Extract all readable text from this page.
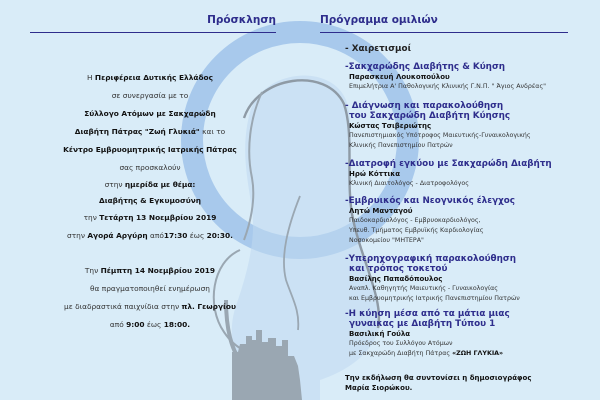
Πρόσκληση
Η Περιφέρεια Δυτικής Ελλάδος
σε συνεργασία με το
Σύλλογο Ατόμων με Σακχαρώδη
Διαβήτη Πάτρας "Ζωή Γλυκιά" και το
Κέντρο Εμβρυομητρικής Ιατρικής Πάτρας
σας προσκαλούν
στην ημερίδα με θέμα:
Διαβήτης & Εγκυμοσύνη
την Τετάρτη 13 Νοεμβρίου 2019
στην Αγορά Αργύρη από17:30 έως 20:30.
Την Πέμπτη 14 Νοεμβρίου 2019
θα πραγματοποιηθεί ενημέρωση
με διαδραστικά παιχνίδια στην πλ. Γεωργίου
από 9:00 έως 18:00.
Πρόγραμμα ομιλιών
- Χαιρετισμοί
-Σακχαρώδης Διαβήτης & Κύηση
Παρασκευή Λουκοπούλου
Επιμελήτρια Α' Παθολογικής Κλινικής Γ.Ν.Π. " Άγιος Ανδρέας"
- Διάγνωση και παρακολούθηση
του Σακχαρώδη Διαβήτη Κύησης
Κώστας Τσιβεριώτης
Πανεπιστημιακός Υπότροφος Μαιευτικής-Γυναικολογικής
Κλινικής Πανεπιστημίου Πατρών
-Διατροφή εγκύου με Σακχαρώδη Διαβήτη
Ηρώ Κόττικα
Κλινική Διαιτολόγος - Διατροφολόγος
-Εμβρυικός και Νεογνικός έλεγχος
Λητώ Μανταγού
Παιδοκαρδιολόγος - Εμβρυοκαρδιολόγος,
Υπευθ. Τμήματος Εμβρυϊκής Καρδιολογίας
Νοσοκομείου "ΜΗΤΕΡΑ"
-Υπερηχογραφική παρακολούθηση
και τρόπος τοκετού
Βασίλης Παπαδόπουλος
Αναπλ. Καθηγητής Μαιευτικής - Γυναικολογίας
και Εμβρυομητρικής Ιατρικής Πανεπιστημίου Πατρών
-Η κύηση μέσα από τα μάτια μιας
γυναικας με Διαβήτη Τύπου 1
Βασιλική Γούλα
Πρόεδρος του Συλλόγου Ατόμων
με Σακχαρώδη Διαβήτη Πάτρας «ΖΩΗ ΓΛΥΚΙΑ»
Την εκδήλωση θα συντονίσει η δημοσιογράφος
Μαρία Σιορώκου.
